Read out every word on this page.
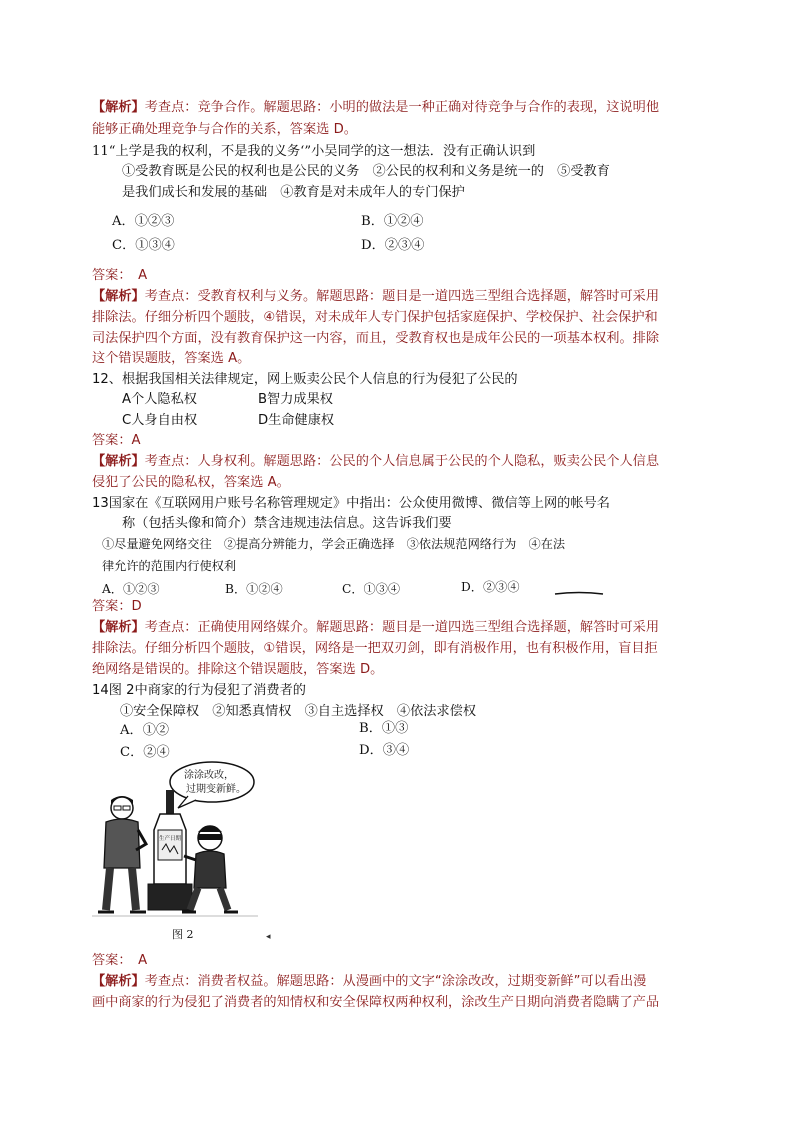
【解析】考查点：竞争合作。解题思路：小明的做法是一种正确对待竞争与合作的表现，这说明他
能够正确处理竞争与合作的关系，答案选 D。
11“上学是我的权利，不是我的义务‘”小吴同学的这一想法．没有正确认识到
①受教育既是公民的权利也是公民的义务　②公民的权利和义务是统一的　⑤受教育
是我们成长和发展的基础　④教育是对未成年人的专门保护
A．①②③	B．①②④
C．①③④	D．②③④
答案：　A
【解析】考查点：受教育权利与义务。解题思路：题目是一道四选三型组合选择题，解答时可采用
排除法。仔细分析四个题肢，④错误，对未成年人专门保护包括家庭保护、学校保护、社会保护和
司法保护四个方面，没有教育保护这一内容，而且，受教育权也是成年公民的一项基本权利。排除
这个错误题肢，答案选 A。
12、根据我国相关法律规定，网上贩卖公民个人信息的行为侵犯了公民的
A个人隐私权	B智力成果权
C人身自由权	D生命健康权
答案：A
【解析】考查点：人身权利。解题思路：公民的个人信息属于公民的个人隐私，贩卖公民个人信息
侵犯了公民的隐私权，答案选 A。
13国家在《互联网用户账号名称管理规定》中指出：公众使用微博、微信等上网的帐号名
称（包括头像和简介）禁含违规违法信息。这告诉我们要
①尽量避免网络交往　②提高分辨能力，学会正确选择　③依法规范网络行为　④在法
律允许的范围内行使权利
A．①②③	B．①②④	C．①③④	D．②③④
答案：D
【解析】考查点：正确使用网络媒介。解题思路：题目是一道四选三型组合选择题，解答时可采用
排除法。仔细分析四个题肢，①错误，网络是一把双刃剑，即有消极作用，也有积极作用，盲目拒
绝网络是错误的。排除这个错误题肢，答案选 D。
14图 2中商家的行为侵犯了消费者的
①安全保障权　②知悉真情权　③自主选择权　④依法求偿权
A．①②	B．①③
C．②④	D．③④
涂涂改改，
过期变新鲜。
生产日期
图 2	◂
答案：　A
【解析】考查点：消费者权益。解题思路：从漫画中的文字“涂涂改改，过期变新鲜”可以看出漫
画中商家的行为侵犯了消费者的知情权和安全保障权两种权利，涂改生产日期向消费者隐瞒了产品
